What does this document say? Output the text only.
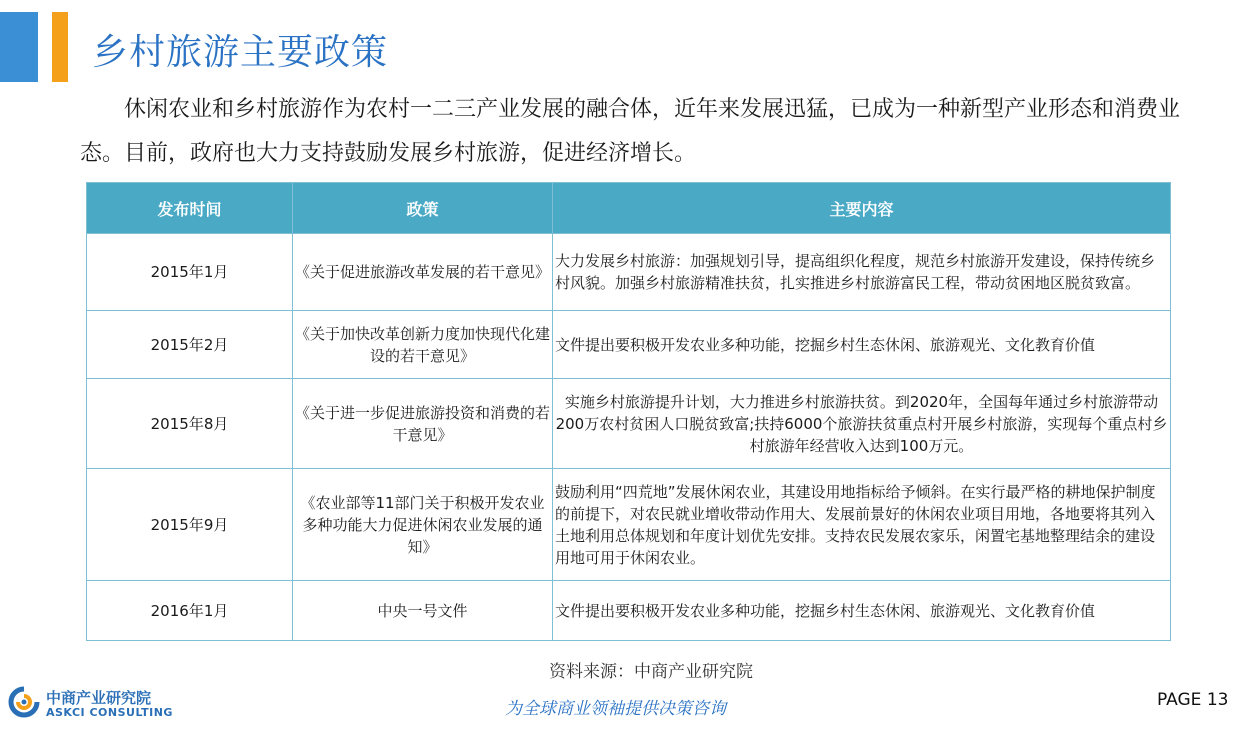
乡村旅游主要政策
休闲农业和乡村旅游作为农村一二三产业发展的融合体，近年来发展迅猛，已成为一种新型产业形态和消费业态。目前，政府也大力支持鼓励发展乡村旅游，促进经济增长。
发布时间	政策	主要内容
2015年1月	《关于促进旅游改革发展的若干意见》	大力发展乡村旅游：加强规划引导，提高组织化程度，规范乡村旅游开发建设，保持传统乡村风貌。加强乡村旅游精准扶贫，扎实推进乡村旅游富民工程，带动贫困地区脱贫致富。
2015年2月	《关于加快改革创新力度加快现代化建设的若干意见》	文件提出要积极开发农业多种功能，挖掘乡村生态休闲、旅游观光、文化教育价值
2015年8月	《关于进一步促进旅游投资和消费的若干意见》	实施乡村旅游提升计划，大力推进乡村旅游扶贫。到2020年，全国每年通过乡村旅游带动200万农村贫困人口脱贫致富;扶持6000个旅游扶贫重点村开展乡村旅游，实现每个重点村乡村旅游年经营收入达到100万元。
2015年9月	《农业部等11部门关于积极开发农业多种功能大力促进休闲农业发展的通知》	鼓励利用“四荒地”发展休闲农业，其建设用地指标给予倾斜。在实行最严格的耕地保护制度的前提下，对农民就业增收带动作用大、发展前景好的休闲农业项目用地，各地要将其列入土地利用总体规划和年度计划优先安排。支持农民发展农家乐，闲置宅基地整理结余的建设用地可用于休闲农业。
2016年1月	中央一号文件	文件提出要积极开发农业多种功能，挖掘乡村生态休闲、旅游观光、文化教育价值
资料来源：中商产业研究院
中商产业研究院
ASKCI CONSULTING	为全球商业领袖提供决策咨询	PAGE 13
